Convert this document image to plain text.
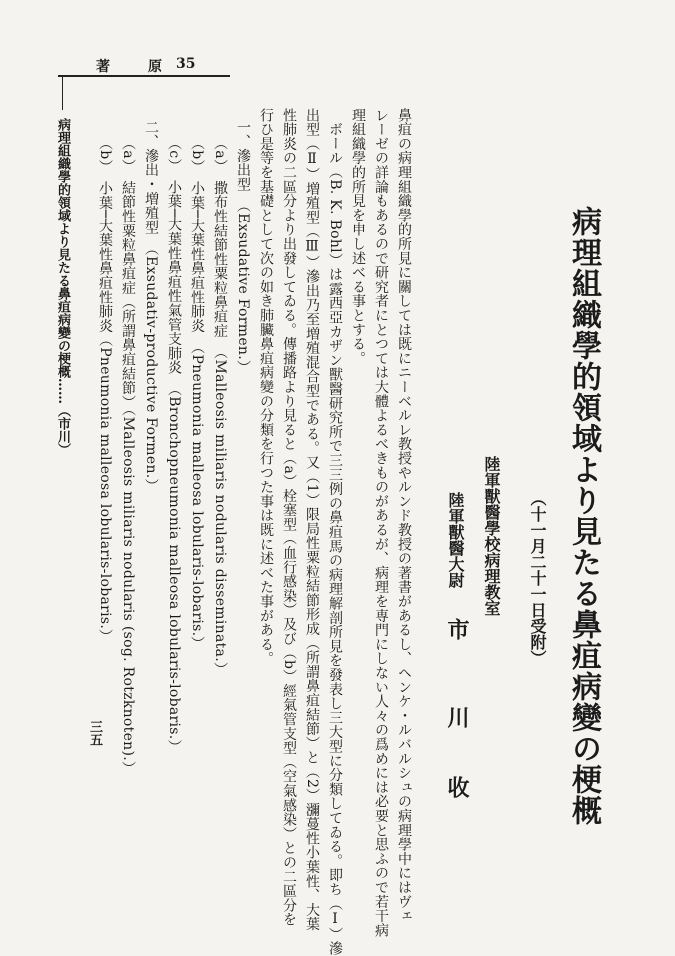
著	原 35
病理組織學的領域より見たる鼻疽病變の梗概……（市川）
三五	病理組織學的領域より見たる鼻疽病變の梗概
（十一月二十一日受附）
陸軍獸醫學校病理教室
陸軍獸醫大尉
市
川
收
鼻疽の病理組織學的所見に關しては既にニーベルレ教授やルンド教授の著書があるし、ヘンケ・ルバルシュの病理學中にはヴェ
レーゼの詳論もあるので研究者にとつては大體よるべきものがあるが、病理を専門にしない人々の爲めには必要と思ふので若干病
理組織學的所見を申し述べる事とする。
ボール（B. K. Bohl）は露西亞カザン獸醫研究所で三三例の鼻疽馬の病理解剖所見を發表し三大型に分類してゐる。即ち（Ⅰ）滲
出型（Ⅱ）増殖型（Ⅲ）滲出乃至増殖混合型である。又（1）限局性粟粒結節形成（所謂鼻疽結節）と（2）瀰蔓性小葉性、大葉
性肺炎の二區分より出發してゐる。傳播路より見ると（a）栓塞型（血行感染）及び（b）經氣管支型（空氣感染）との二區分を
行ひ是等を基礎として次の如き肺臟鼻疽病變の分類を行つた事は既に述べた事がある。
一、滲出型　（Exsudative Formen.）
（a）　撒布性結節性粟粒鼻疽症　（Malleosis miliaris nodularis disseminata.）
（b）　小葉─大葉性鼻疽性肺炎　（Pneumonia malleosa lobularis-lobaris.）
（c）　小葉─大葉性鼻疽性氣管支肺炎　（Bronchopneumonia malleosa lobularis-lobaris.）
二、滲出・増殖型　（Exsudativ-productive Formen.）
（a）　結節性粟粒鼻疽症（所謂鼻疽結節）（Malleosis miliaris nodularis (sog. Rotzknoten).）
（b）　小葉─大葉性鼻疽性肺炎（Pneumonia malleosa lobularis-lobaris.）
